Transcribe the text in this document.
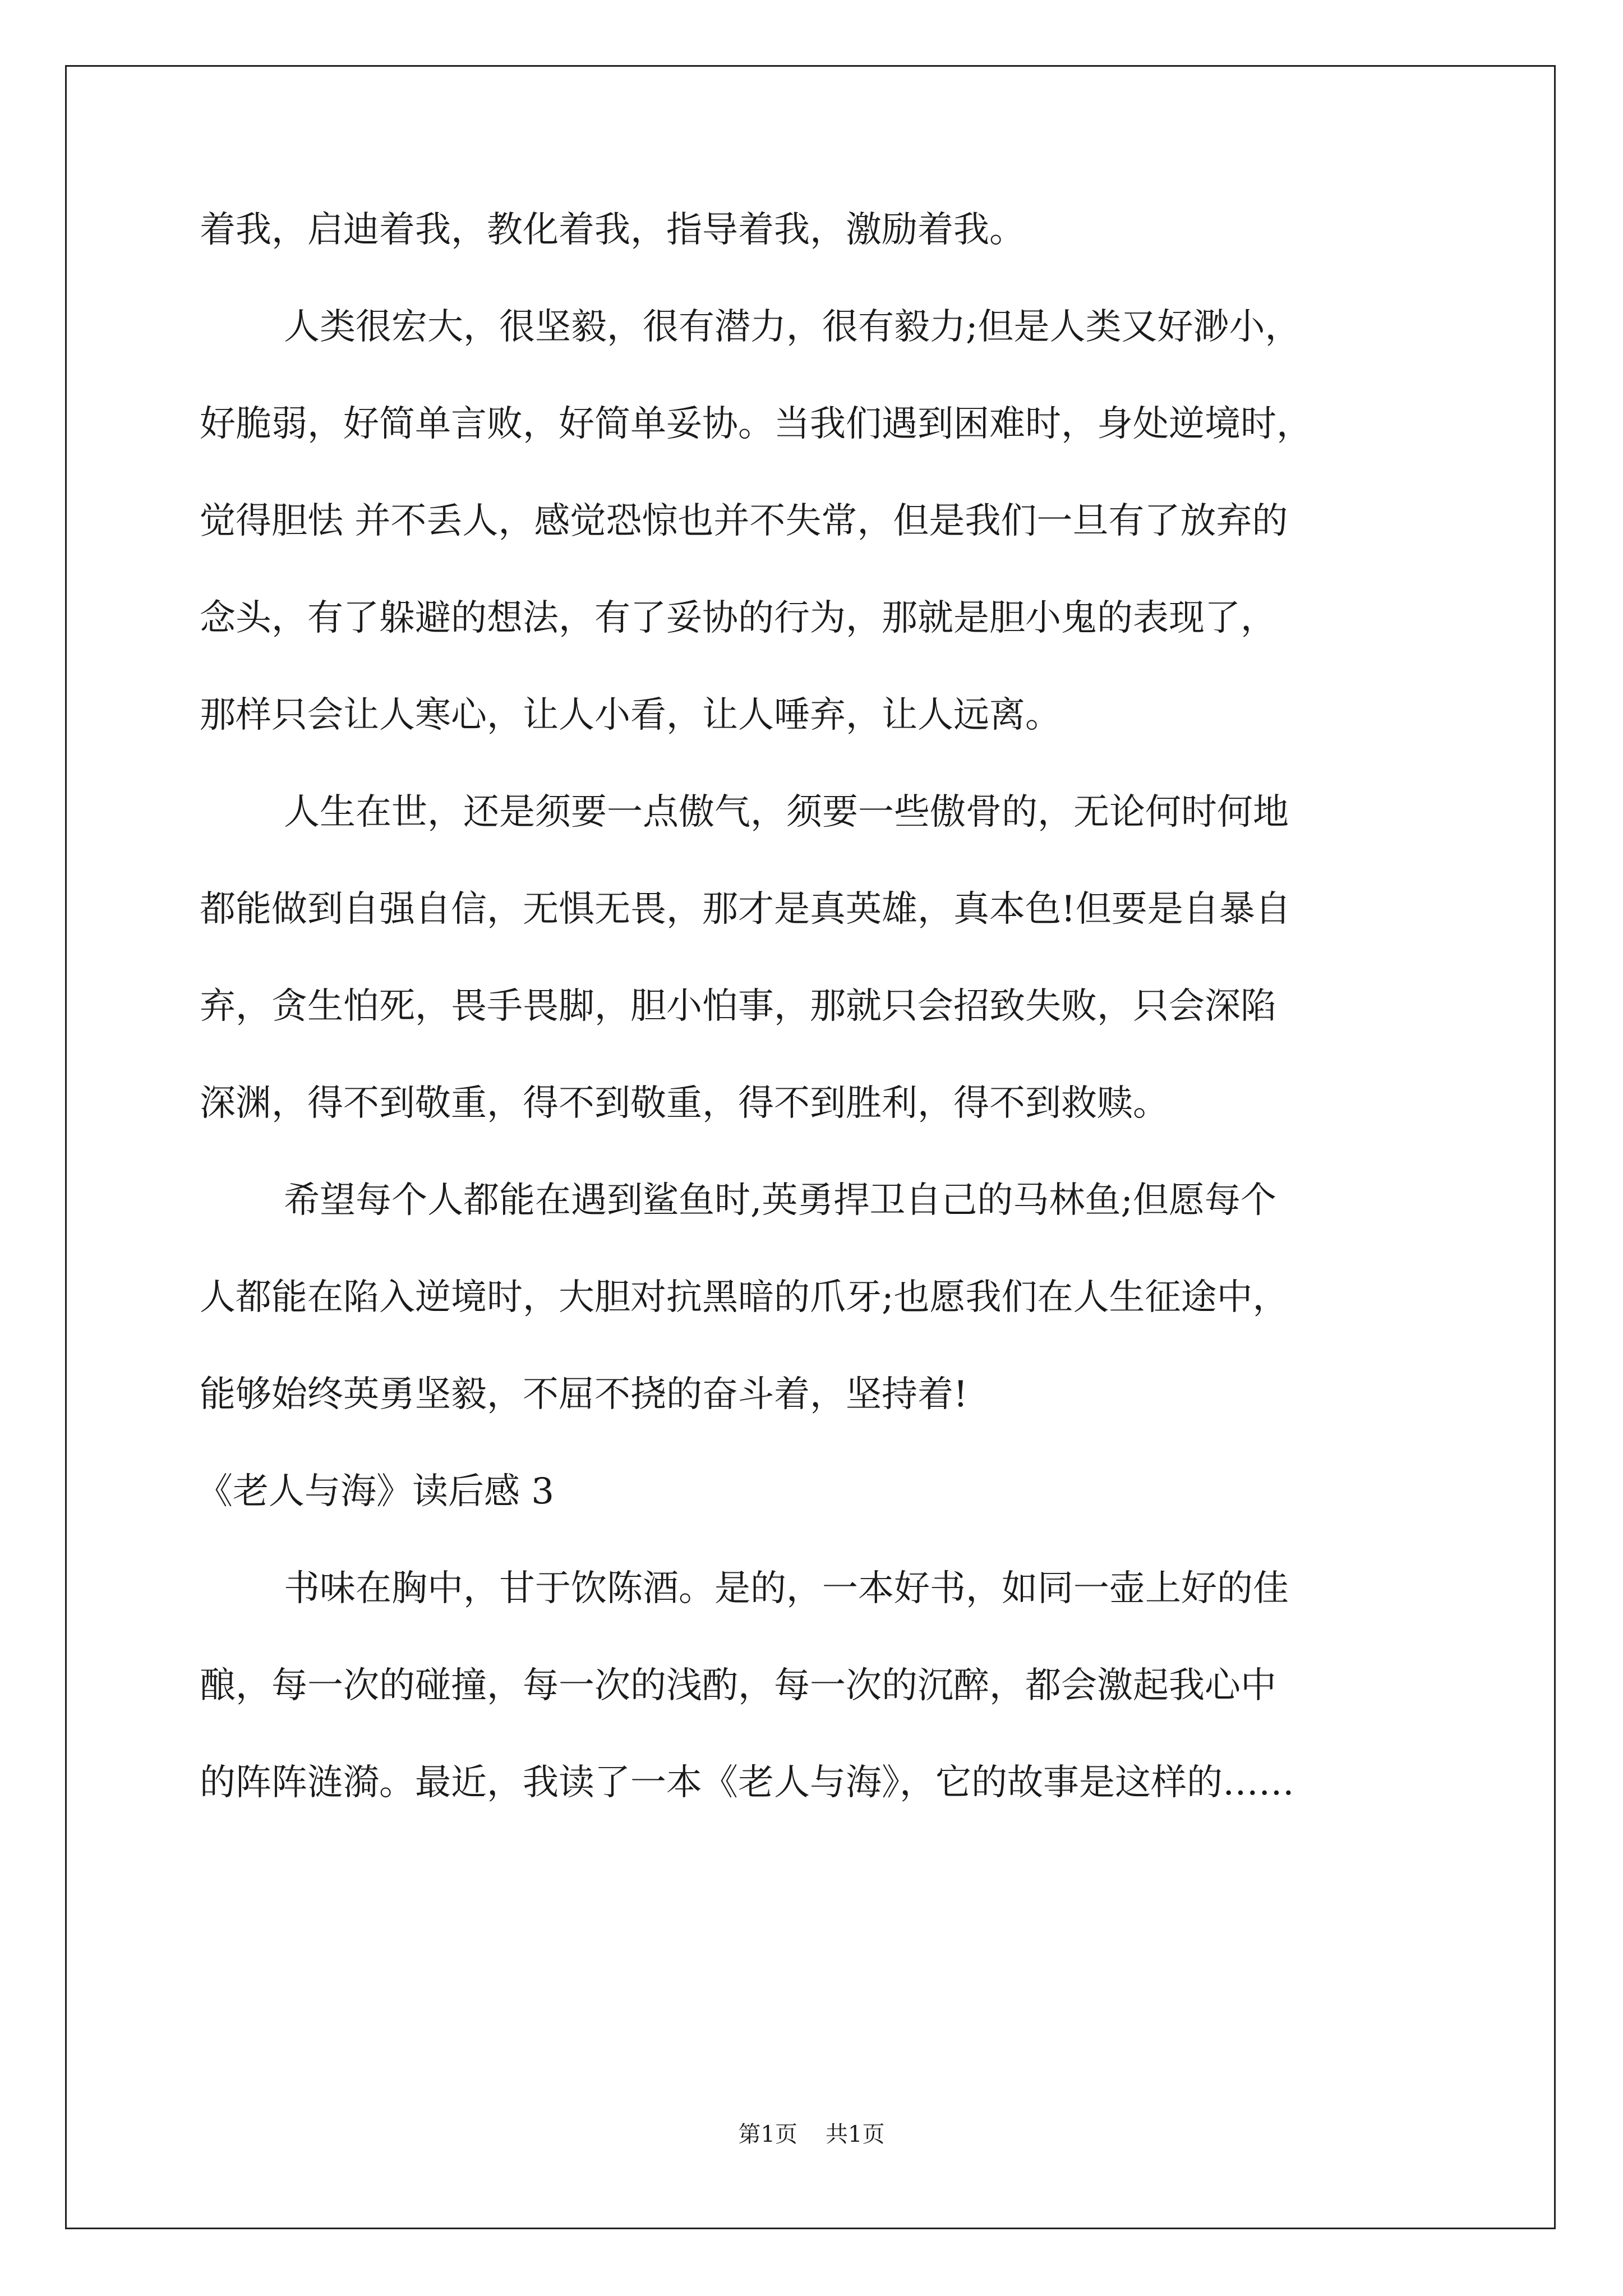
着我，启迪着我，教化着我，指导着我，激励着我。
人类很宏大，很坚毅，很有潜力，很有毅力;但是人类又好渺小，
好脆弱，好简单言败，好简单妥协。当我们遇到困难时，身处逆境时，
觉得胆怯 并不丢人，感觉恐惊也并不失常，但是我们一旦有了放弃的
念头，有了躲避的想法，有了妥协的行为，那就是胆小鬼的表现了，
那样只会让人寒心，让人小看，让人唾弃，让人远离。
人生在世，还是须要一点傲气，须要一些傲骨的，无论何时何地
都能做到自强自信，无惧无畏，那才是真英雄，真本色!但要是自暴自
弃，贪生怕死，畏手畏脚，胆小怕事，那就只会招致失败，只会深陷
深渊，得不到敬重，得不到敬重，得不到胜利，得不到救赎。
希望每个人都能在遇到鲨鱼时,英勇捍卫自己的马林鱼;但愿每个
人都能在陷入逆境时，大胆对抗黑暗的爪牙;也愿我们在人生征途中，
能够始终英勇坚毅，不屈不挠的奋斗着，坚持着!
《老人与海》读后感 3
书味在胸中，甘于饮陈酒。是的，一本好书，如同一壶上好的佳
酿，每一次的碰撞，每一次的浅酌，每一次的沉醉，都会激起我心中
的阵阵涟漪。最近，我读了一本《老人与海》，它的故事是这样的……
第1页 共1页
